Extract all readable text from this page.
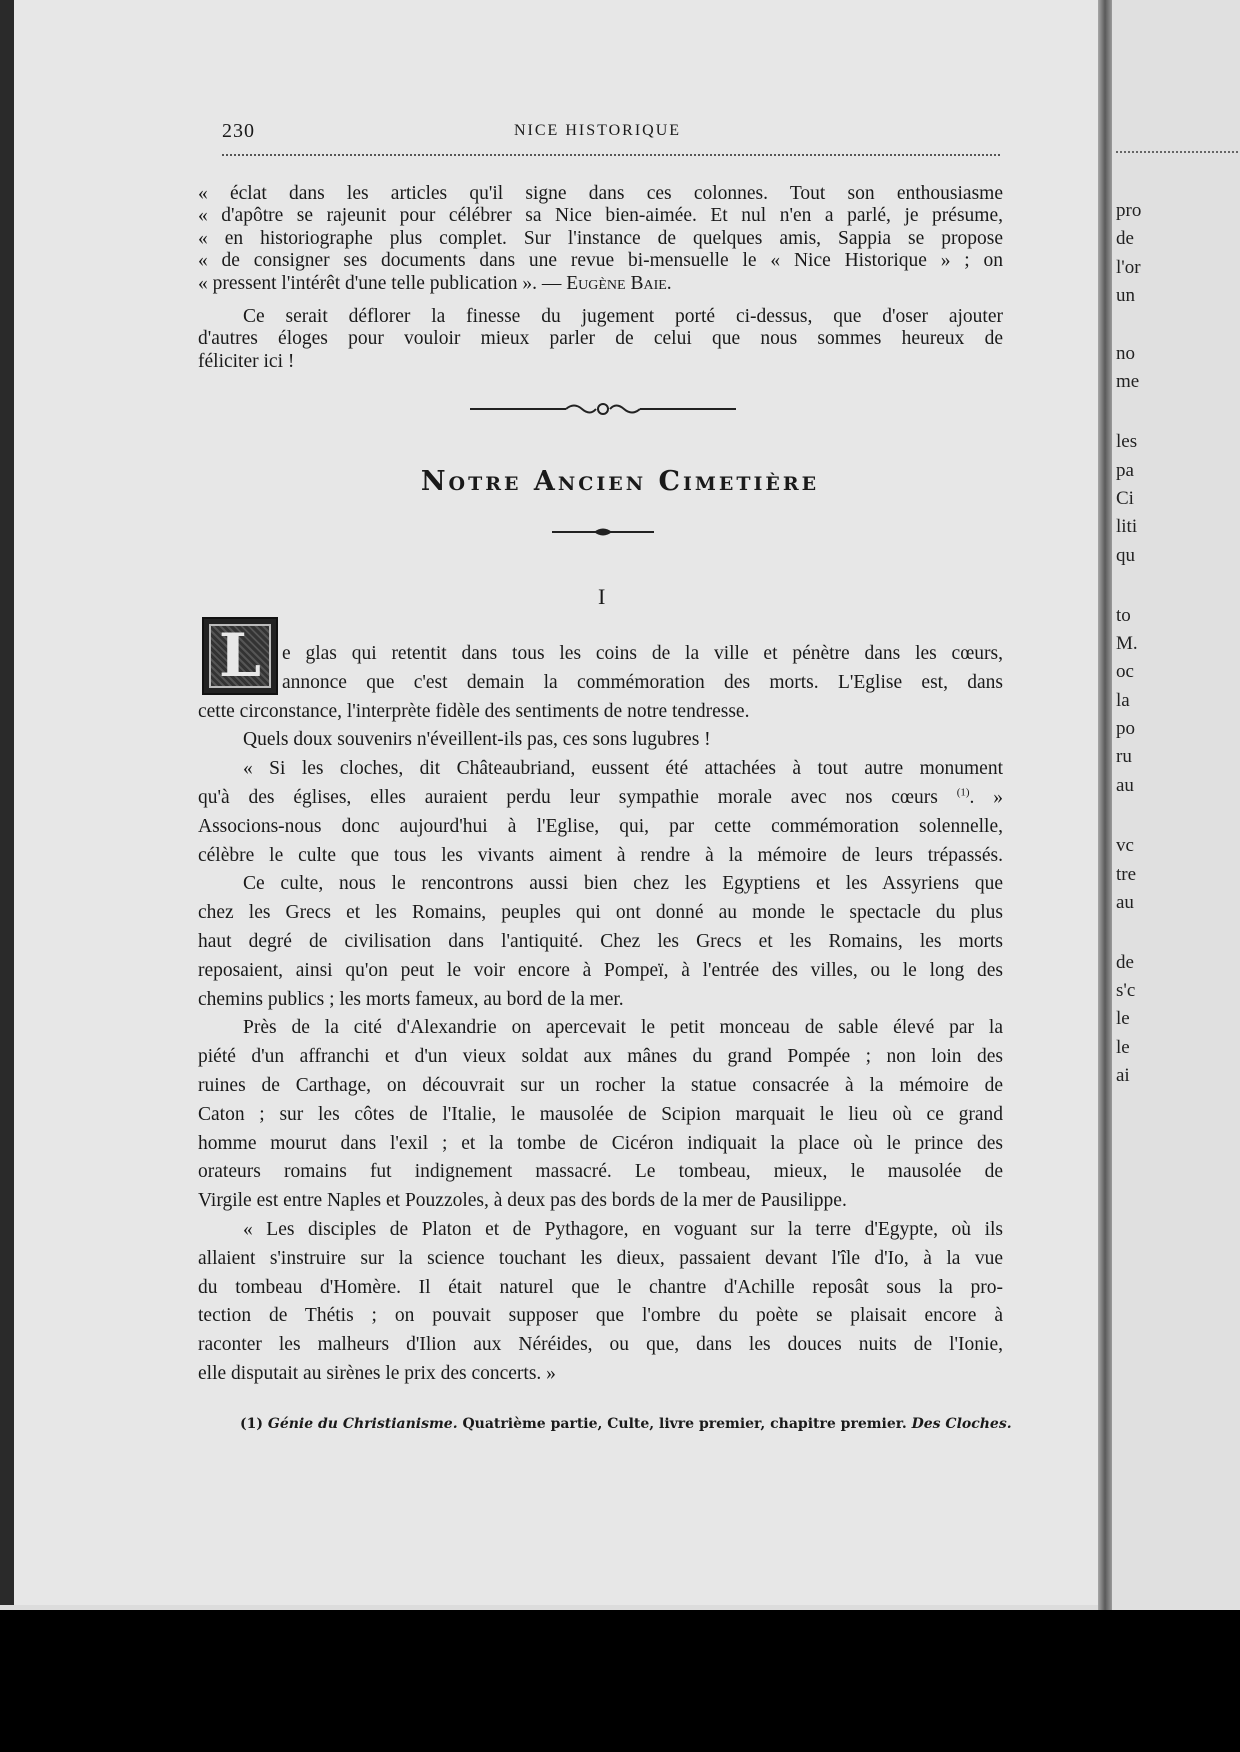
pro
de
l'or
un
no
me
les
pa
Ci
liti
qu
to
M.
oc
la
po
ru
au
vc
tre
au
de
s'c
le
le
ai
230	NICE HISTORIQUE
« éclat dans les articles qu'il signe dans ces colonnes. Tout son enthousiasme
« d'apôtre se rajeunit pour célébrer sa Nice bien-aimée. Et nul n'en a parlé, je présume,
« en historiographe plus complet. Sur l'instance de quelques amis, Sappia se propose
« de consigner ses documents dans une revue bi-mensuelle le « Nice Historique » ; on
« pressent l'intérêt d'une telle publication ». — Eugène Baie.
Ce serait déflorer la finesse du jugement porté ci-dessus, que d'oser ajouter
d'autres éloges pour vouloir mieux parler de celui que nous sommes heureux de
féliciter ici !
Notre Ancien Cimetière
I
L	e glas qui retentit dans tous les coins de la ville et pénètre dans les cœurs,
annonce que c'est demain la commémoration des morts. L'Eglise est, dans
cette circonstance, l'interprète fidèle des sentiments de notre tendresse.
Quels doux souvenirs n'éveillent-ils pas, ces sons lugubres !
« Si les cloches, dit Châteaubriand, eussent été attachées à tout autre monument
qu'à des églises, elles auraient perdu leur sympathie morale avec nos cœurs $^{(1)}$. »
Associons-nous donc aujourd'hui à l'Eglise, qui, par cette commémoration solennelle,
célèbre le culte que tous les vivants aiment à rendre à la mémoire de leurs trépassés.
Ce culte, nous le rencontrons aussi bien chez les Egyptiens et les Assyriens que
chez les Grecs et les Romains, peuples qui ont donné au monde le spectacle du plus
haut degré de civilisation dans l'antiquité. Chez les Grecs et les Romains, les morts
reposaient, ainsi qu'on peut le voir encore à Pompeï, à l'entrée des villes, ou le long des
chemins publics ; les morts fameux, au bord de la mer.
Près de la cité d'Alexandrie on apercevait le petit monceau de sable élevé par la
piété d'un affranchi et d'un vieux soldat aux mânes du grand Pompée ; non loin des
ruines de Carthage, on découvrait sur un rocher la statue consacrée à la mémoire de
Caton ; sur les côtes de l'Italie, le mausolée de Scipion marquait le lieu où ce grand
homme mourut dans l'exil ; et la tombe de Cicéron indiquait la place où le prince des
orateurs romains fut indignement massacré. Le tombeau, mieux, le mausolée de
Virgile est entre Naples et Pouzzoles, à deux pas des bords de la mer de Pausilippe.
« Les disciples de Platon et de Pythagore, en voguant sur la terre d'Egypte, où ils
allaient s'instruire sur la science touchant les dieux, passaient devant l'île d'Io, à la vue
du tombeau d'Homère. Il était naturel que le chantre d'Achille reposât sous la pro-
tection de Thétis ; on pouvait supposer que l'ombre du poète se plaisait encore à
raconter les malheurs d'Ilion aux Néréides, ou que, dans les douces nuits de l'Ionie,
elle disputait au sirènes le prix des concerts. »
(1) Génie du Christianisme. Quatrième partie, Culte, livre premier, chapitre premier. Des Cloches.
